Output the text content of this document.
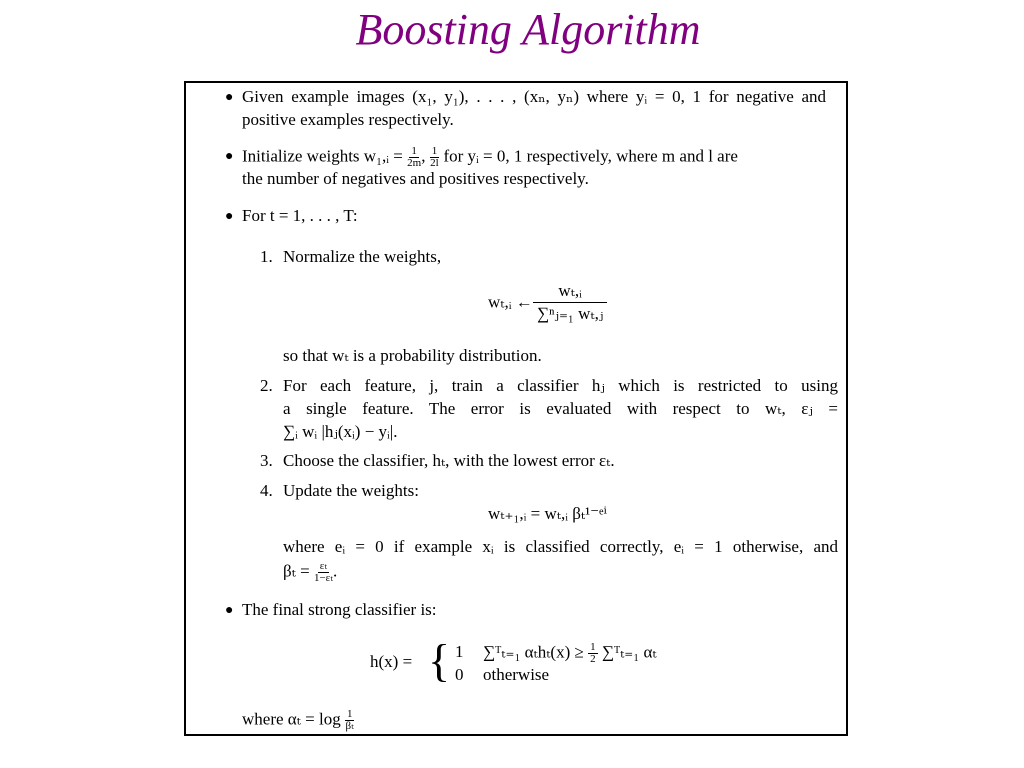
Boosting Algorithm
● Given example images (x₁, y₁), . . . , (xₙ, yₙ) where yᵢ = 0, 1 for negative and
positive examples respectively.
● Initialize weights w₁,ᵢ = $\frac{1}{2m}$ , $\frac{1}{2l}$ for yᵢ = 0, 1 respectively, where m and l are
the number of negatives and positives respectively.
● For t = 1, . . . , T:
1. Normalize the weights,
wₜ,ᵢ ← $\frac{\text{wₜ,ᵢ}}{\text{∑ⁿⱼ₌₁ wₜ,ⱼ}}$
so that wₜ is a probability distribution.
2. For each feature, j, train a classifier hⱼ which is restricted to using
a single feature. The error is evaluated with respect to wₜ, εⱼ =
∑ᵢ wᵢ |hⱼ(xᵢ) − yᵢ|.
3. Choose the classifier, hₜ, with the lowest error εₜ.
4. Update the weights:
wₜ₊₁,ᵢ = wₜ,ᵢ βₜ¹⁻ᵉⁱ
where eᵢ = 0 if example xᵢ is classified correctly, eᵢ = 1 otherwise, and
$\beta_t = \frac{\text{εₜ}}{\text{1−εₜ}}$ .
● The final strong classifier is:
h(x) = { 1 ∑ᵀₜ₌₁ $\alpha_th_t(x) \ge \frac{1}{2}$ ∑ᵀₜ₌₁ αₜ
0 otherwise
where $\alpha_t = \log \frac{1}{\text{βₜ}}$
